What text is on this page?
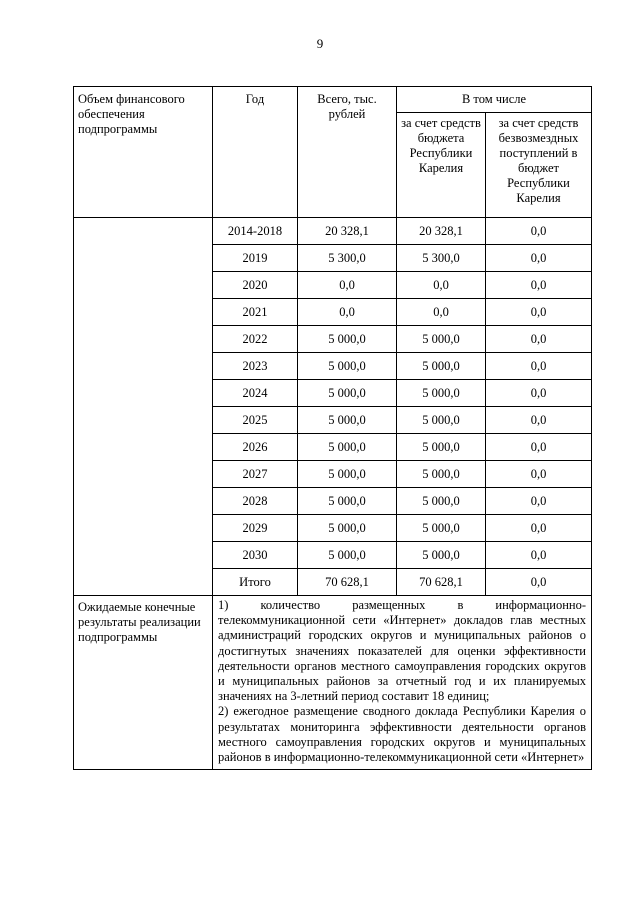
9
Объем финансового обеспечения подпрограммы	Год	Всего, тыс. рублей	В том числе	
			за счет средств бюджета Республики Карелия	за счет средств безвозмездных поступлений в бюджет Республики Карелия
	2014-2018	20 328,1	20 328,1	0,0
	2019	5 300,0	5 300,0	0,0
	2020	0,0	0,0	0,0
	2021	0,0	0,0	0,0
	2022	5 000,0	5 000,0	0,0
	2023	5 000,0	5 000,0	0,0
	2024	5 000,0	5 000,0	0,0
	2025	5 000,0	5 000,0	0,0
	2026	5 000,0	5 000,0	0,0
	2027	5 000,0	5 000,0	0,0
	2028	5 000,0	5 000,0	0,0
	2029	5 000,0	5 000,0	0,0
	2030	5 000,0	5 000,0	0,0
	Итого	70 628,1	70 628,1	0,0
Ожидаемые конечные результаты реализации подпрограммы	1) количество размещенных в информационно-телекоммуникационной сети «Интернет» докладов глав местных администраций городских округов и муниципальных районов о достигнутых значениях показателей для оценки эффективности деятельности органов местного самоуправления городских округов и муниципальных районов за отчетный год и их планируемых значениях на 3-летний период составит 18 единиц;

2) ежегодное размещение сводного доклада Республики Карелия о результатах мониторинга эффективности деятельности органов местного самоуправления городских округов и муниципальных районов в информационно-телекоммуникационной сети «Интернет»			
